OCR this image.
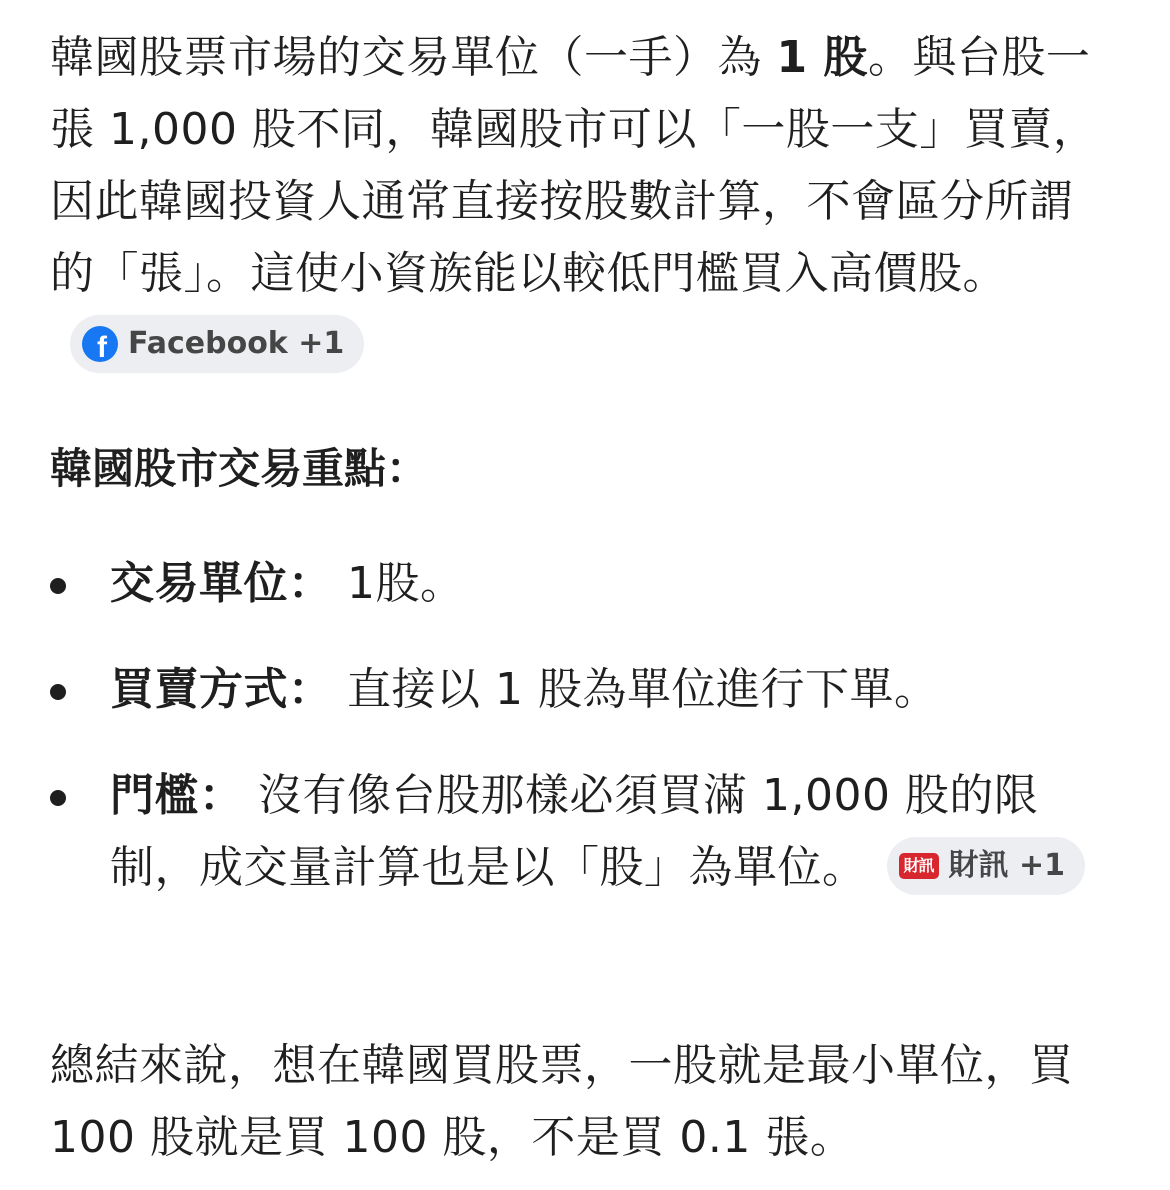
韓國股票市場的交易單位（一手）為 1 股。與台股一張 1,000 股不同，韓國股市可以「一股一支」買賣，因此韓國投資人通常直接按股數計算，不會區分所謂的「張」。這使小資族能以較低門檻買入高價股。
f Facebook +1

韓國股市交易重點：
交易單位： 1股。
買賣方式： 直接以 1 股為單位進行下單。
門檻： 沒有像台股那樣必須買滿 1,000 股的限制，成交量計算也是以「股」為單位。	財訊 財訊 +1

總結來說，想在韓國買股票，一股就是最小單位，買 100 股就是買 100 股，不是買 0.1 張。
